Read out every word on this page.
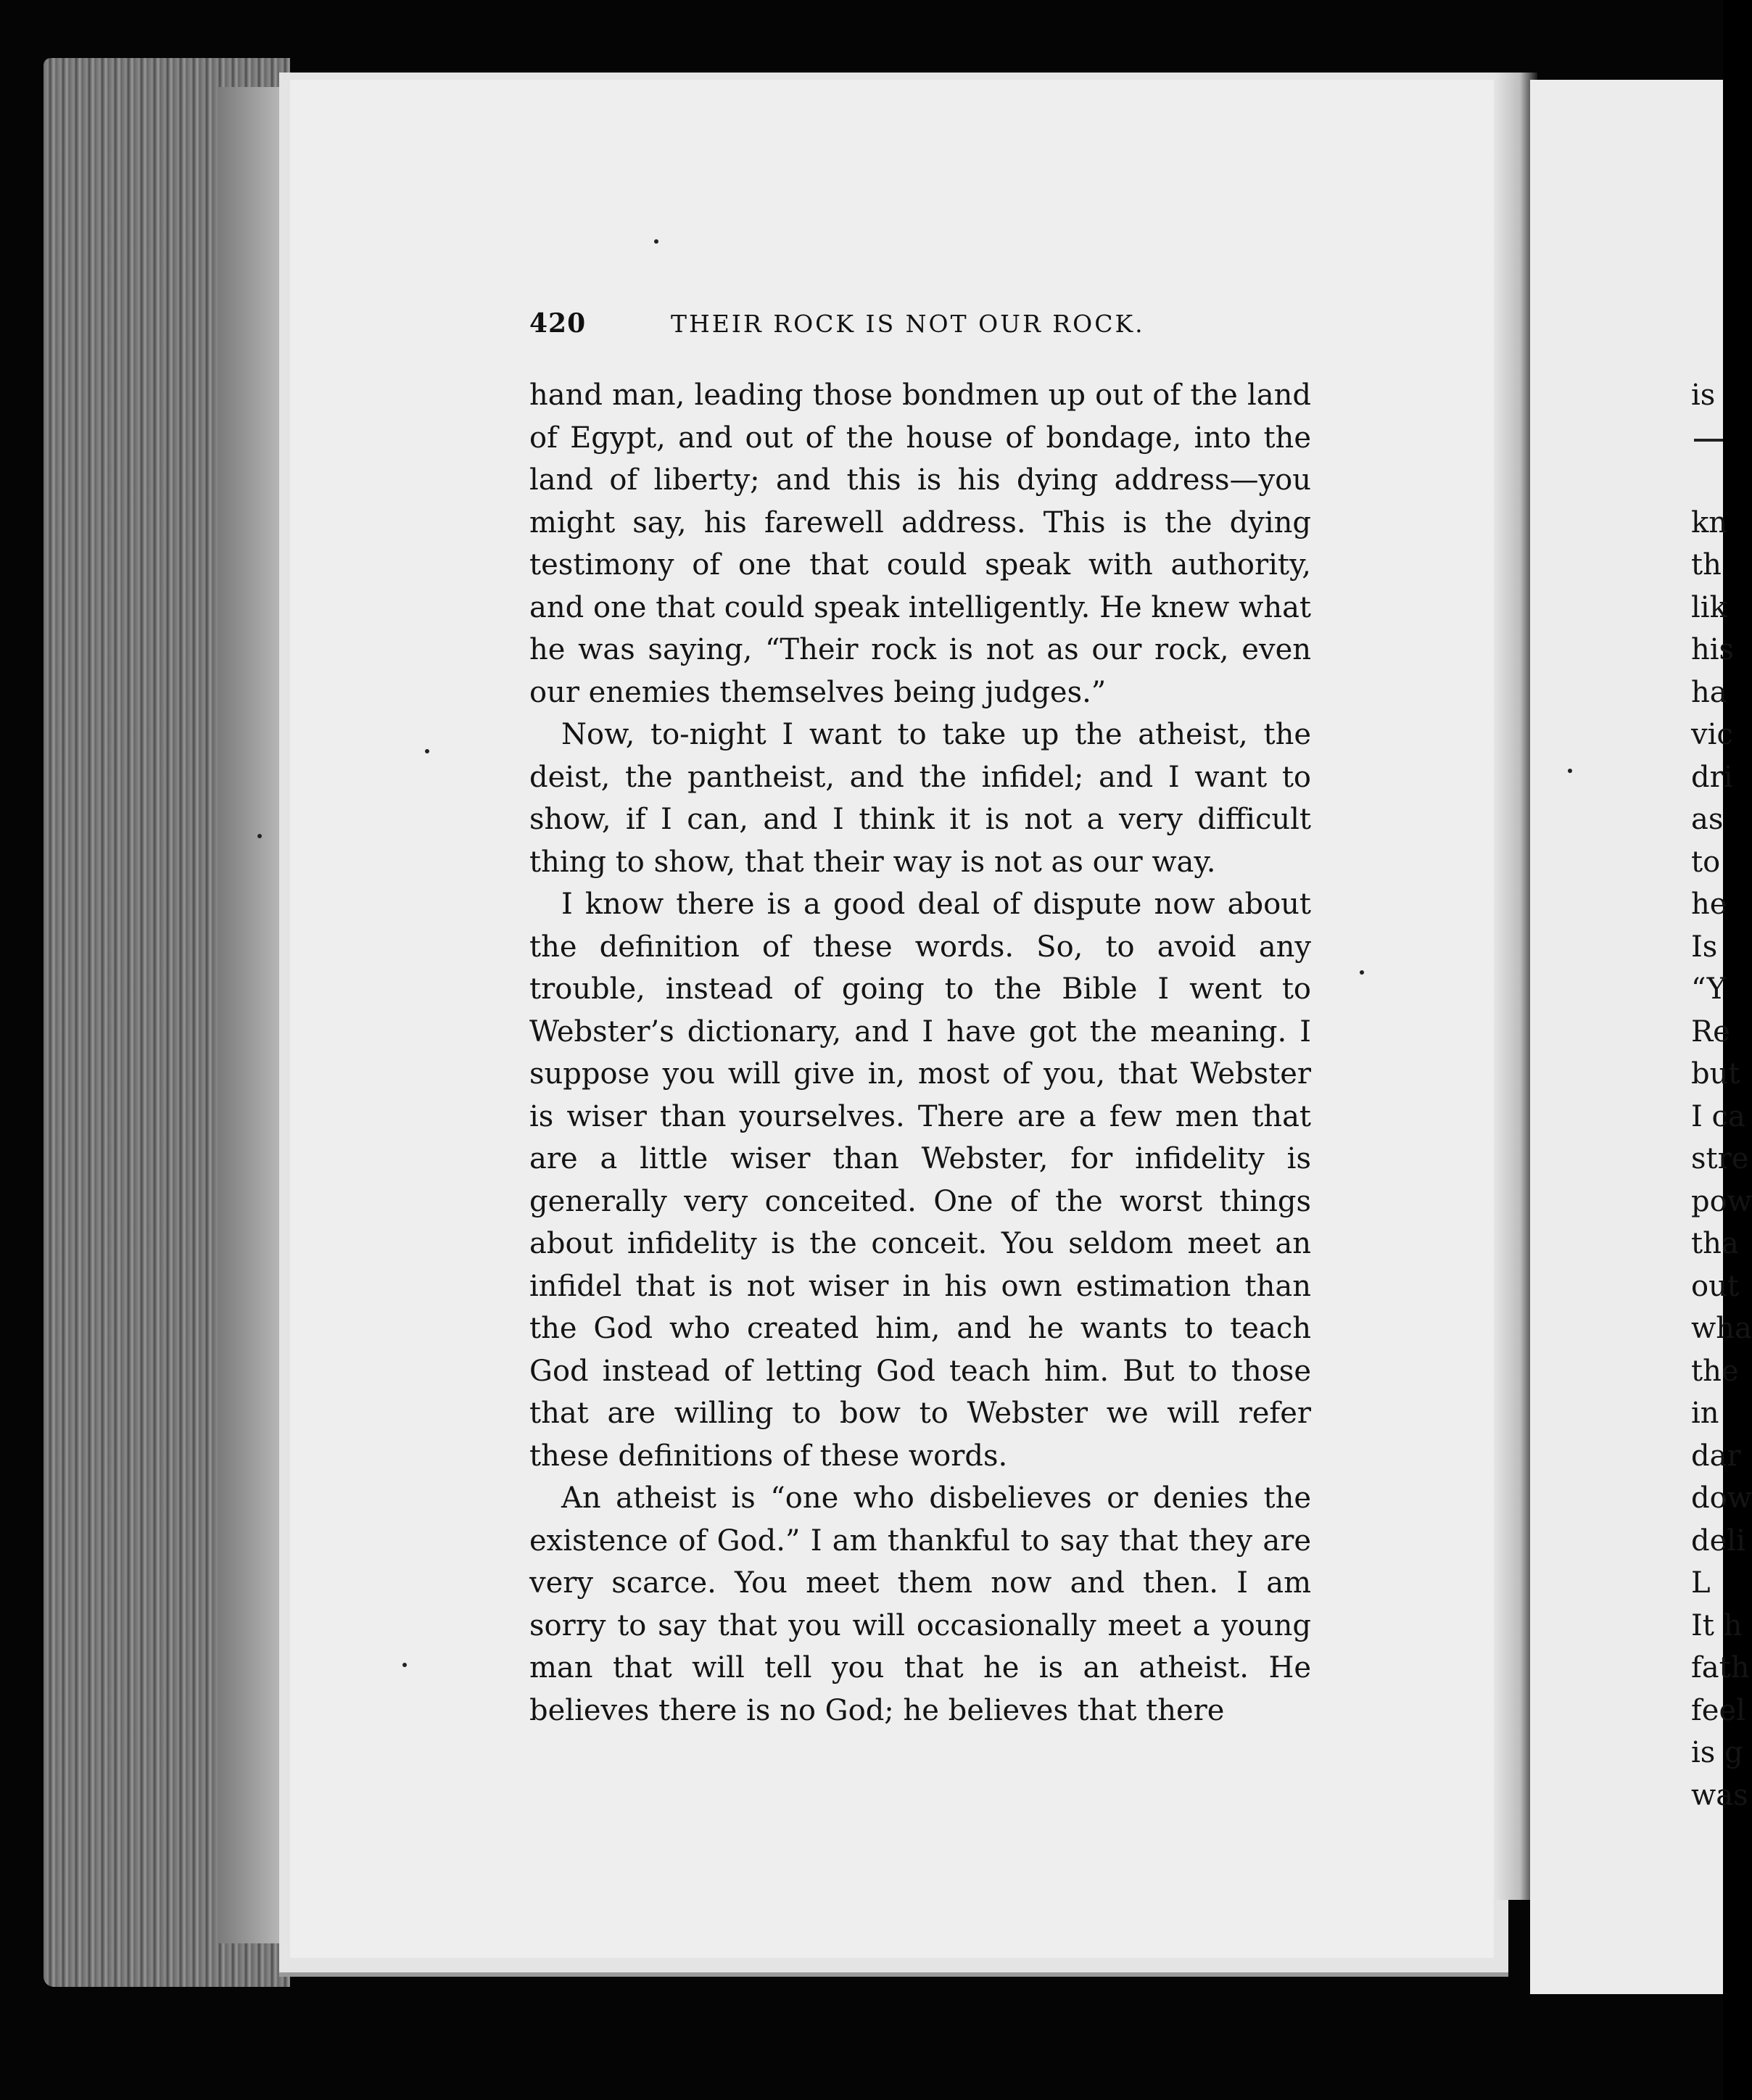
420	THEIR ROCK IS NOT OUR ROCK.

hand man, leading those bondmen up out of the land of Egypt, and out of the house of bondage, into the land of liberty; and this is his dying address—you might say, his farewell address. This is the dying testimony of one that could speak with authority, and one that could speak intelligently. He knew what he was saying, “Their rock is not as our rock, even our enemies themselves being judges.”

Now, to-night I want to take up the atheist, the deist, the pantheist, and the infidel; and I want to show, if I can, and I think it is not a very difficult thing to show, that their way is not as our way.

I know there is a good deal of dispute now about the definition of these words. So, to avoid any trouble, instead of going to the Bible I went to Webster’s dictionary, and I have got the meaning. I suppose you will give in, most of you, that Webster is wiser than yourselves. There are a few men that are a little wiser than Webster, for infidelity is generally very conceited. One of the worst things about infidelity is the conceit. You seldom meet an infidel that is not wiser in his own estimation than the God who created him, and he wants to teach God instead of letting God teach him. But to those that are willing to bow to Webster we will refer these definitions of these words.

An atheist is “one who disbelieves or denies the existence of God.” I am thankful to say that they are very scarce. You meet them now and then. I am sorry to say that you will occasionally meet a young man that will tell you that he is an atheist. He believes there is no God; he believes that there

is
kn
th
lik
his
ha
vic
dri
as
to
he
Is
“Y
Re
but
I ca
stre
pow
tha
out
wha
the
in
dar
dow
deli
L
It h
fath
feel
is g
was
